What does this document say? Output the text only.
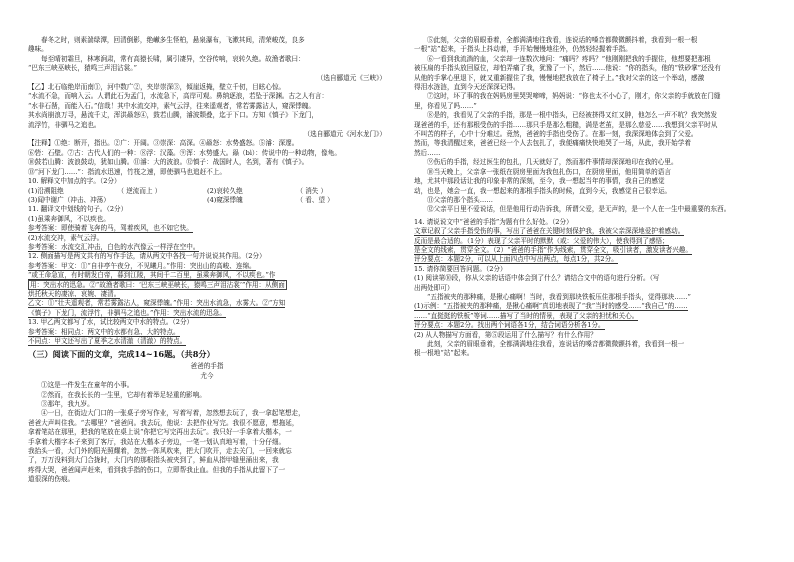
春冬之时，则素湍绿潭，回清倒影，绝𪩘多生怪柏，悬泉瀑布，飞漱其间，清荣峻茂，良多

趣味。

每至晴初霜旦，林寒涧肃，常有高猿长啸，属引凄异，空谷传响，哀转久绝。故渔者歌曰：

“巴东三峡巫峡长，猿鸣三声泪沾裳。”

（选自郦道元《三峡》）

【乙】北石临绝岸而南①，河中数广②，夹岸崇深③，傾崖返掩，壁立千仞，目眩心惊。

“水流不急，而响入云。人谓此石为孟门，水流急下，高岸可观。鼻纳逐浪，若坠于深渊。古之人有言：

“水非石凿，而能入石。”信哉！其中水流交冲，素气云浮，往来遥观者，常若雾露沾人，窥深悸魄。

其水尚崩浪万寻，悬流千丈，浑洪赑怒④，鼓若山腾，濬波颓叠，迄于下口。方知《慎子》下龙门，

流浮竹，非驷马之追也。

（选自郦道元《河水龙门》）

【注释】①绝：断开，指出。②广：开阔。③崇深：高深。④赑怒：水势盛怒。⑤濬：深邃。

⑥砦：石壁。⑦古：古代人们的一种：⑧浮：汉藻。⑨浑：水势盛大。赑（bì）：传说中的一种动物，像龟。

⑩鼓若山腾：波浪鼓动，犹如山腾。⑪濬：大的波浪。⑫慎子：战国时人，名到，著有《慎子》。

⑬“河下龙门……”：指流水迅速，竹筏之速，即使驷马也追赶不上。

10. 解释文中加点的字。（2分）

(1)沿溯阻绝	（ 逆流而上 ）	(2)哀转久绝	（ 消失 ）
(3)闻中谢广（冲击、冲荡）	(4)窥深悸魄	（ 看、望 ）

11. 翻译文中划线的句子。（2分）

(1)虽乘奔御风，不以疾也。

参考答案：即使骑着飞奔的马，驾着疾风，也不如它快。

(2)水流交冲，素气云浮。

参考答案：水流交汇冲击，白色的水汽像云一样浮在空中。

12. 侧面描写是两文共有的写作手法，请从两文中各找一句并说说其作用。（2分）

参考答案：甲文：①“自非亭午夜分，不见曦月。”作用：突出山的高峻、连绵。

“或王命急宣，有时朝发白帝，暮到江陵，其间千二百里，虽乘奔御风，不以疾也。”作

用：突出水的迅急。②“故渔者歌曰：‘巴东三峡巫峡长，猿鸣三声泪沾裳’”作用：从侧面

烘托秋天的凄凉、哀婉、凄清。

乙文：①“壮夫遥观者，常若雾露沾人，窥深悸魄。”作用：突出水流急，水雾大。②“方知

《慎子》下龙门，流浮竹，非驷马之追也。”作用：突出水流的迅急。

13. 甲乙两文都写了水，试比较两文中水的特点。（2分）

参考答案：相同点：两文中的水都有急、大的特点。

不同点：甲文还写出了夏季之水清澈（清澈）的特点。

（三）阅读下面的文章，完成14~16题。（共8分）

爸爸的手指

尤今

①这是一件发生在童年的小事。

②然而，在我长长的一生里，它却有着举足轻重的影响。

③那年，我九岁。

④一日，在街边大门口的一张桌子旁写作业，写着写着，忽然想去玩了，我一拿起笔想走，

爸爸大声叫住我。“去哪里？”爸爸问。我去玩，他说：去把作业写完。我很不愿意，想拖延，

拿着笔站在那里，把我的笔放在桌上说“你把它写完再出去玩”。我只好一手拿着大楷本，一

手拿着大楷字本子来到了客厅，我站在大楷本子旁边，一笔一划认真地写着，十分仔细。

我抬头一看，大门外的阳光照耀着，忽然一阵风吹来，把大门吹开，走去关门，一回来就忘

了，万万没料到大门合拢时，大门内的那根指头被夹到了，鲜血从指甲缝里涌出来，我

疼得大哭，爸爸闻声赶来，看到我手指的伤口，立即帮我止血。但我的手指从此留下了一

道很深的伤痕。

⑤此刻，父亲的眉眼垂着，全都满满地往我看，连说话的嗓音都微微颤抖着，我看到一根一根

一根“站”起来，于指头上抖动着，手开始慢慢地往外，仍然轻轻握着手指。

⑥一看到我流淌的血，父亲却一连数次地问：“痛吗？疼吗？”他刚刚把我的手握住，他想要把那根

被压扁的手指头放回原位，却怕弄痛了我，犹豫了一下，然后……他说：“你的指头，他的“铁砂掌”还没有

从他的手掌心里退下，就又重新握住了我，慢慢地把我放在了椅子上。”我对父亲的这一个举动，感激

得泪水涟涟，直到今天还深深记得。

⑦这时，坏了事的我在妈妈房里哭哭啼啼，妈妈说：“你也太不小心了，刚才，你父亲的手就放在门缝

里，你看见了吗……”

⑧是的，我看见了父亲的手指，那是一根中指头，已经被挤得又红又肿，他怎么一声不吭？我突然发

现爸爸的手，还有那根受伤的手指……那只手是那么粗糙，满是老茧，是那么慈爱……我想到父亲平时从

不叫苦的样子，心中十分难过。竟然，爸爸的手指也受伤了。在那一刻，我深深地体会到了父爱。

然而，等我清醒过来，爸爸已经一个人去包扎了，我便痛痛快快地哭了一场，从此，我开始学着

然后……

⑨伤后的手指，经过医生的包扎，几天就好了，然而那件事情却深深地印在我的心里。

⑩当天晚上，父亲拿一张纸在厨房里面为我包扎伤口，在厨房里面，他用简单的语言

地，尤其中那段话让我的印象非常的深刻，至今，我一想起当年的事情，我自己的感觉

动，也是，她会一直，我一想起来的那根手指头的时候，直到今天，我感觉自己很幸运。

⑪父亲的那个指头……

⑫父亲平日里不爱说话，但是他用行动告诉我，所谓父爱，是无声的，是一个人在一生中最重要的东西。

14. 请说说文中“爸爸的手指”为题有什么好处。（2分）

文章记叙了父亲手指受伤的事，写出了爸爸在关键时刻保护我，我被父亲深深地爱护着感动。

反而是最合适的。（1分）表现了父亲平时的默默（或：父爱的伟大），使我得到了感悟；

是全文的线索，贯穿全文。（2）“爸爸的手指”作为线索，贯穿全文，吸引读者，激发读者兴趣。

评分要点：本题2分，可以从上面四点中写出两点，每点1分，共2分。

15. 请你简要回答问题。（2分）

(1) 阅读第⑩段，你从父亲的话语中体会到了什么？请结合文中的语句进行分析。（写

出两处即可）

“五指被夹的那种痛，是揪心痛啊！当时，我看到那块铁板压住那根手指头，觉得那块……”

(1)示例：“五指被夹的那种痛，是揪心痛啊”真切地表现了“我”当时的感受……“我自己”的……

……“直挺挺的铁板”等词……描写了当时的情景，表现了父亲的担忧和关心。

评分要点：本题2分。找出两个词语各1分，结合词语分析各1分。

(2) 从人物描写方面看，第⑤段运用了什么描写？有什么作用？

此刻，父亲的眉眼垂着，全都满满地往我看，连说话的嗓音都微微颤抖着，我看到一根一

根一根地“站”起来。
